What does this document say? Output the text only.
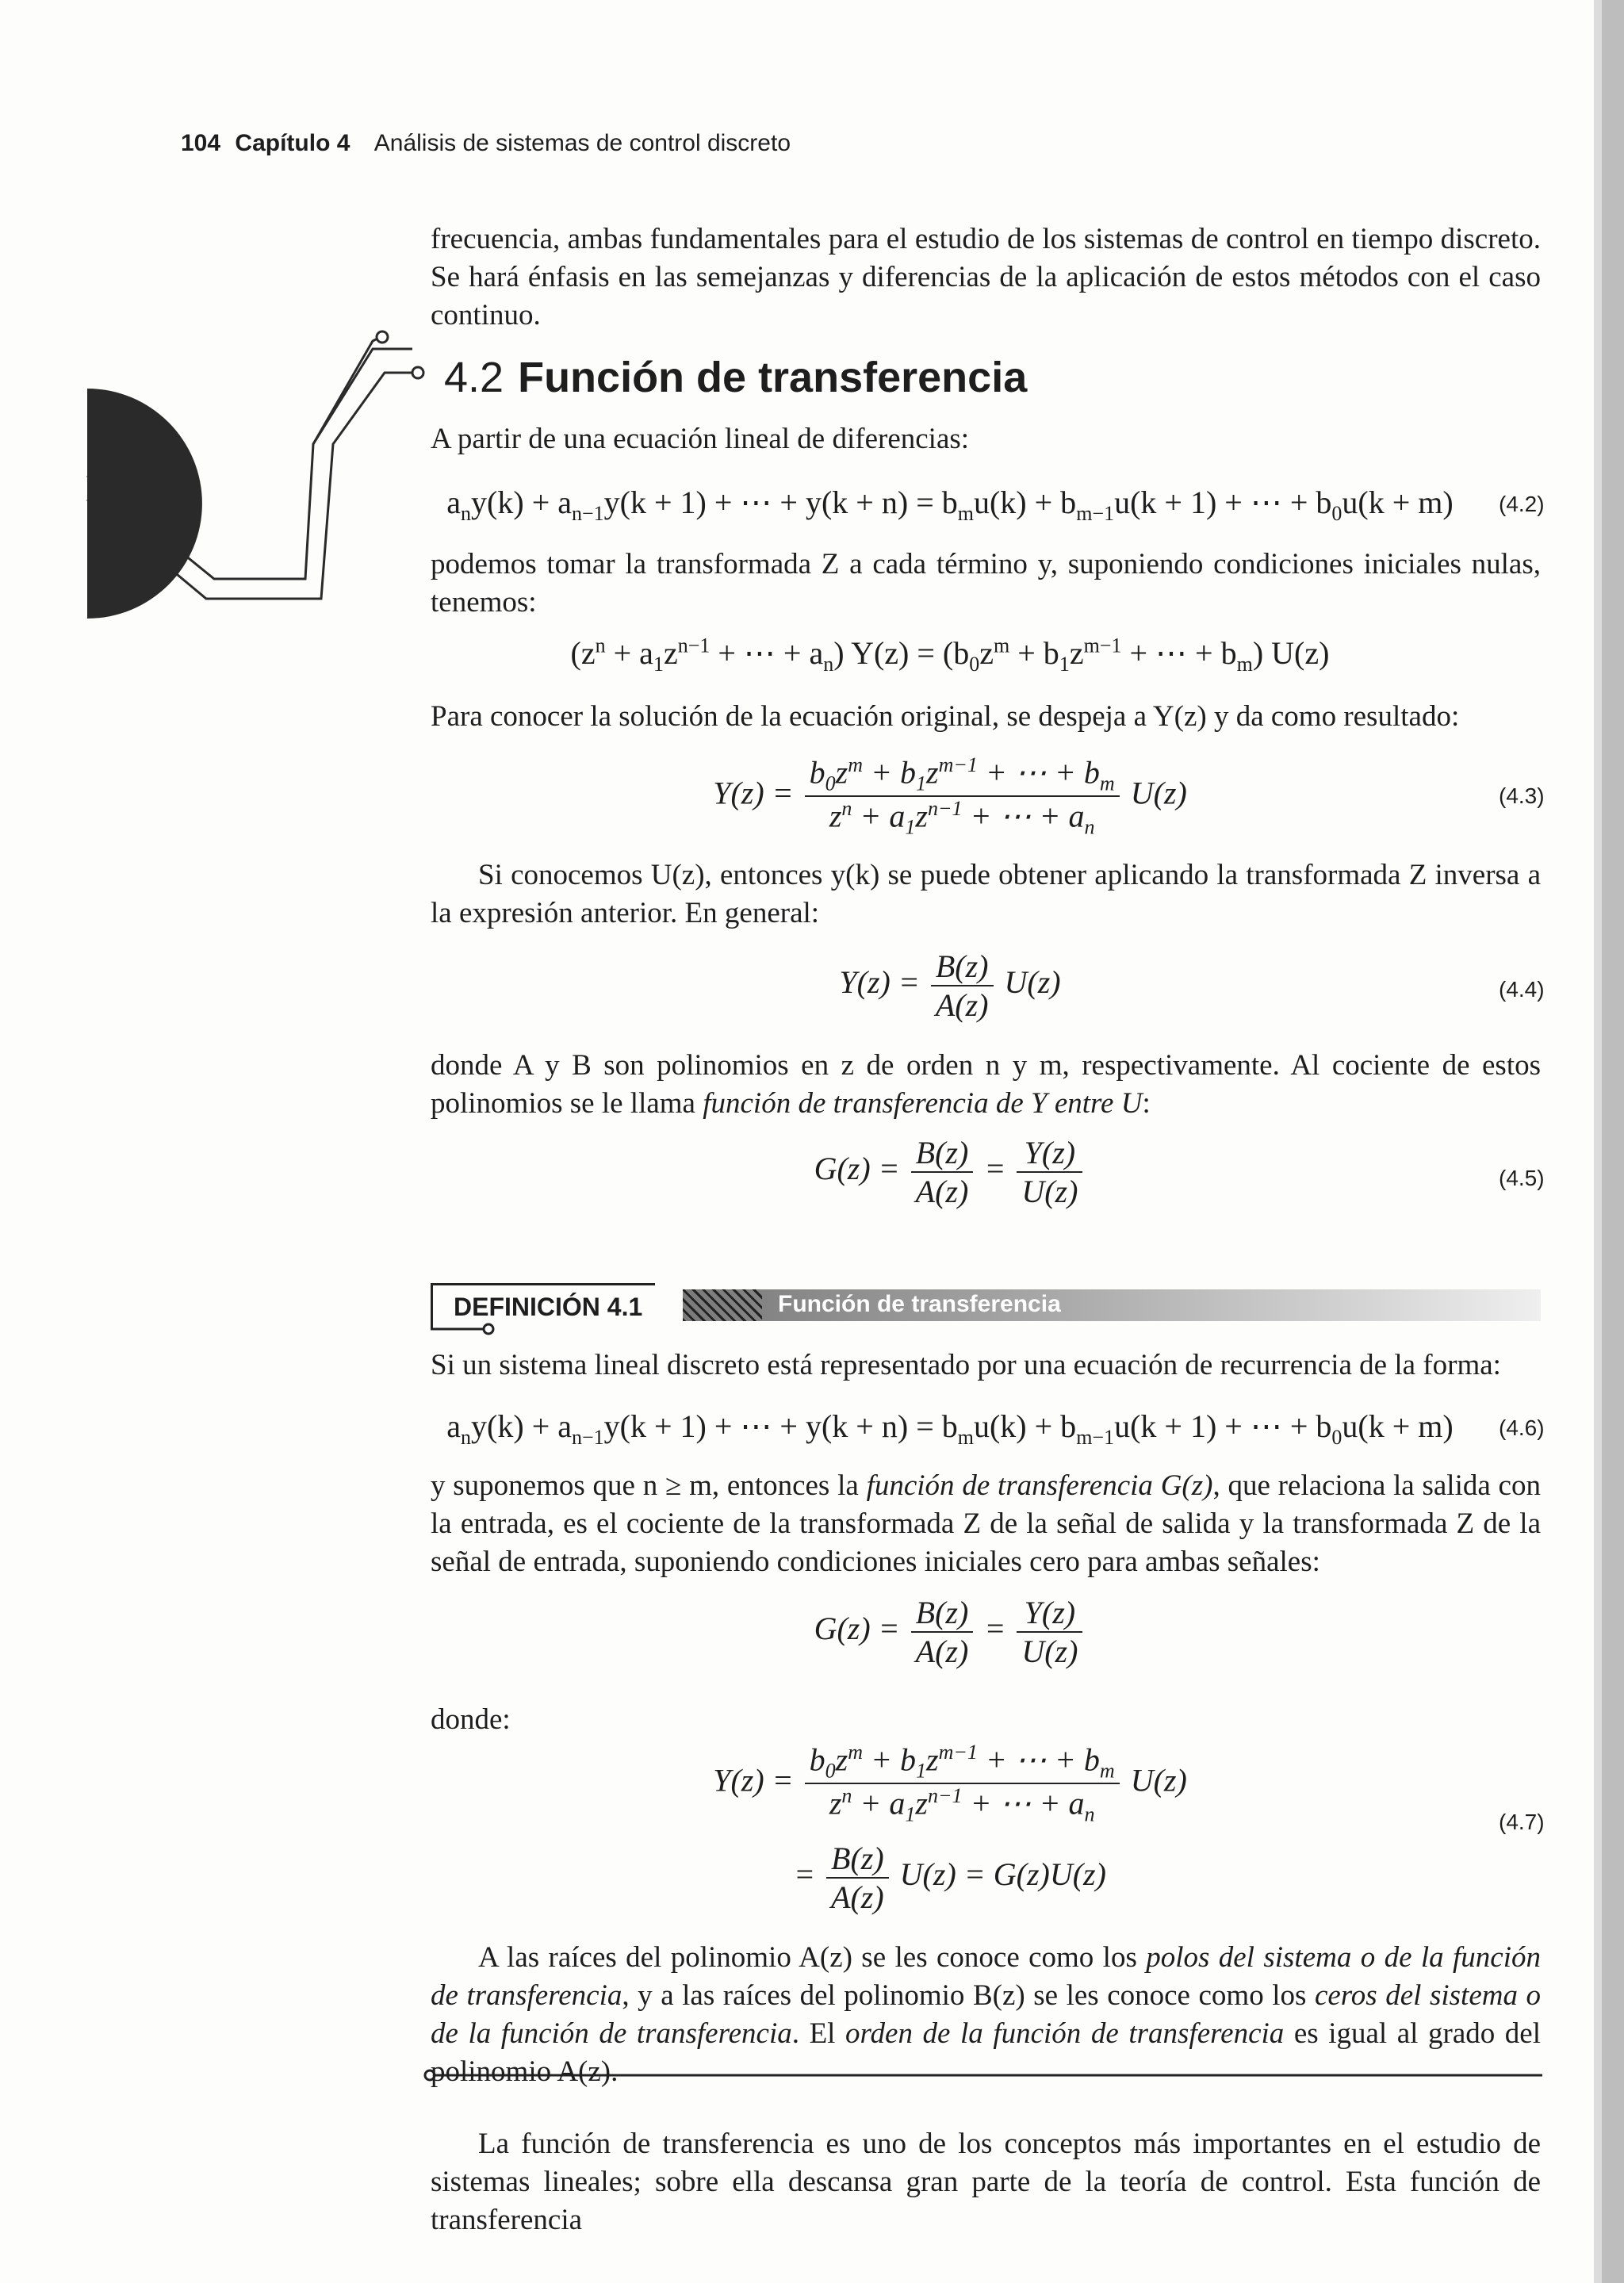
104 Capítulo 4 Análisis de sistemas de control discreto
frecuencia, ambas fundamentales para el estudio de los sistemas de control en tiempo discreto. Se hará énfasis en las semejanzas y diferencias de la aplicación de estos métodos con el caso continuo.
4.2 Función de transferencia
A partir de una ecuación lineal de diferencias:
$a_ny(k) + a_{n-1}y(k + 1)$ + ⋯ + $y(k + n) = b_mu(k) + b_{m-1}u(k + 1)$ + ⋯ + $b_0u(k + m)$	(4.2)
podemos tomar la transformada Z a cada término y, suponiendo condiciones iniciales nulas, tenemos:
($z^n + a_1z^{n-1}$ + ⋯ + $a_n$) $Y(z) = (b_0z^m + b_1z^{m-1}$ + ⋯ + $b_m$) U(z)
Para conocer la solución de la ecuación original, se despeja a Y(z) y da como resultado:
$Y(z) = \frac{b_0z^m + b_1z^{m-1} + \cdots + b_m}{z^n + a_1z^{n-1} + \cdots + a_n} U(z)$	(4.3)
Si conocemos U(z), entonces y(k) se puede obtener aplicando la transformada Z inversa a la expresión anterior. En general:
$Y(z) = \frac{B(z)}{A(z)} U(z)$	(4.4)
donde A y B son polinomios en z de orden n y m, respectivamente. Al cociente de estos polinomios se le llama función de transferencia de Y entre U:
$G(z) = \frac{B(z)}{A(z)} = \frac{Y(z)}{U(z)}$	(4.5)
DEFINICIÓN 4.1	Función de transferencia
Si un sistema lineal discreto está representado por una ecuación de recurrencia de la forma:
$a_ny(k) + a_{n-1}y(k + 1)$ + ⋯ + $y(k + n) = b_mu(k) + b_{m-1}u(k + 1)$ + ⋯ + $b_0u(k + m)$	(4.6)
y suponemos que n ≥ m, entonces la función de transferencia G(z), que relaciona la salida con la entrada, es el cociente de la transformada Z de la señal de salida y la transformada Z de la señal de entrada, suponiendo condiciones iniciales cero para ambas señales:
$G(z) = \frac{B(z)}{A(z)} = \frac{Y(z)}{U(z)}$
donde:
$Y(z) = \frac{b_0z^m + b_1z^{m-1} + \cdots + b_m}{z^n + a_1z^{n-1} + \cdots + a_n} U(z)$
= $\frac{B(z)}{A(z)} U(z) = G(z)U(z)$
(4.7)
A las raíces del polinomio A(z) se les conoce como los polos del sistema o de la función de transferencia, y a las raíces del polinomio B(z) se les conoce como los ceros del sistema o de la función de transferencia. El orden de la función de transferencia es igual al grado del polinomio A(z).
La función de transferencia es uno de los conceptos más importantes en el estudio de sistemas lineales; sobre ella descansa gran parte de la teoría de control. Esta función de transferencia
